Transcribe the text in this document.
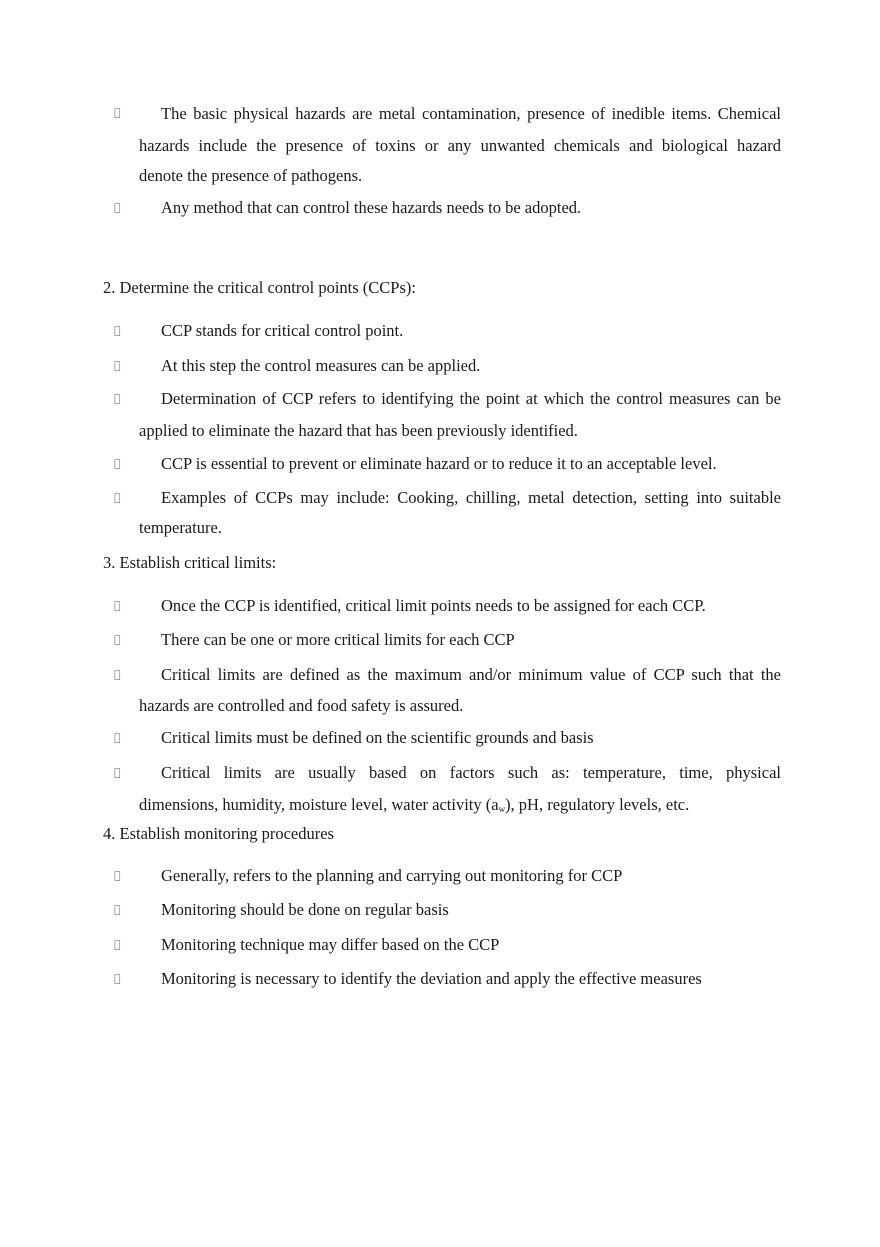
The basic physical hazards are metal contamination, presence of inedible items. Chemical
hazards include the presence of toxins or any unwanted chemicals and biological hazard
denote the presence of pathogens.
Any method that can control these hazards needs to be adopted.
2. Determine the critical control points (CCPs):
CCP stands for critical control point.
At this step the control measures can be applied.
Determination of CCP refers to identifying the point at which the control measures can be
applied to eliminate the hazard that has been previously identified.
CCP is essential to prevent or eliminate hazard or to reduce it to an acceptable level.
Examples of CCPs may include: Cooking, chilling, metal detection, setting into suitable
temperature.
3. Establish critical limits:
Once the CCP is identified, critical limit points needs to be assigned for each CCP.
There can be one or more critical limits for each CCP
Critical limits are defined as the maximum and/or minimum value of CCP such that the
hazards are controlled and food safety is assured.
Critical limits must be defined on the scientific grounds and basis
Critical limits are usually based on factors such as: temperature, time, physical
dimensions, humidity, moisture level, water activity $(a_w)$, pH, regulatory levels, etc.
4. Establish monitoring procedures
Generally, refers to the planning and carrying out monitoring for CCP
Monitoring should be done on regular basis
Monitoring technique may differ based on the CCP
Monitoring is necessary to identify the deviation and apply the effective measures
